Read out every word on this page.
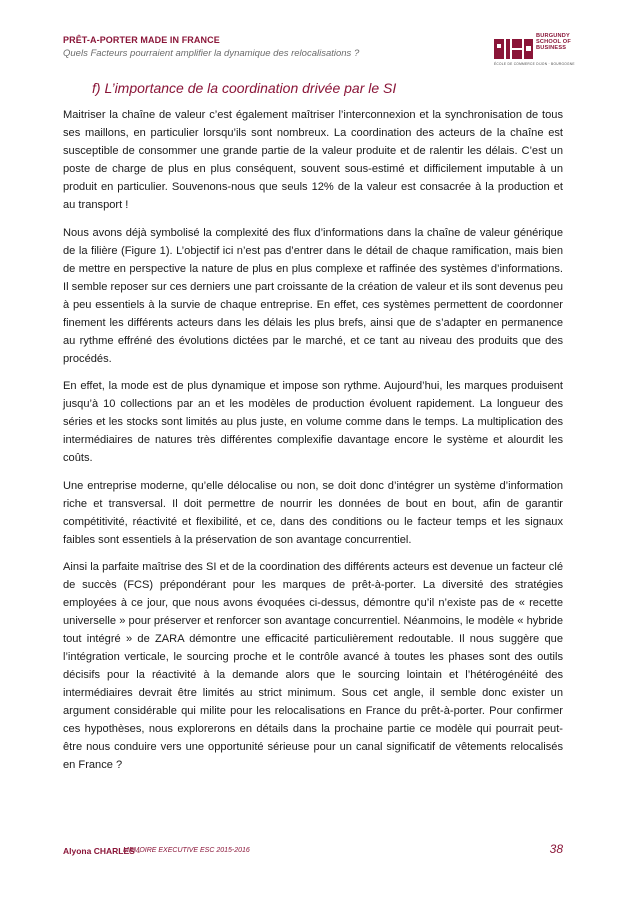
PRÊT-A-PORTER MADE IN FRANCE
Quels Facteurs pourraient amplifier la dynamique des relocalisations ?
BURGUNDY
SCHOOL OF
BUSINESS
ÉCOLE DE COMMERCE DIJON · BOURGOGNE
f) L’importance de la coordination drivée par le SI

Maitriser la chaîne de valeur c’est également maîtriser l’interconnexion et la synchronisation de tous ses maillons, en particulier lorsqu’ils sont nombreux. La coordination des acteurs de la chaîne est susceptible de consommer une grande partie de la valeur produite et de ralentir les délais. C’est un poste de charge de plus en plus conséquent, souvent sous-estimé et difficilement imputable à un produit en particulier. Souvenons-nous que seuls 12% de la valeur est consacrée à la production et au transport !

Nous avons déjà symbolisé la complexité des flux d’informations dans la chaîne de valeur générique de la filière (Figure 1). L’objectif ici n’est pas d’entrer dans le détail de chaque ramification, mais bien de mettre en perspective la nature de plus en plus complexe et raffinée des systèmes d’informations. Il semble reposer sur ces derniers une part croissante de la création de valeur et ils sont devenus peu à peu essentiels à la survie de chaque entreprise. En effet, ces systèmes permettent de coordonner finement les différents acteurs dans les délais les plus brefs, ainsi que de s’adapter en permanence au rythme effréné des évolutions dictées par le marché, et ce tant au niveau des produits que des procédés.

En effet, la mode est de plus dynamique et impose son rythme. Aujourd’hui, les marques produisent jusqu’à 10 collections par an et les modèles de production évoluent rapidement. La longueur des séries et les stocks sont limités au plus juste, en volume comme dans le temps. La multiplication des intermédiaires de natures très différentes complexifie davantage encore le système et alourdit les coûts.

Une entreprise moderne, qu’elle délocalise ou non, se doit donc d’intégrer un système d’information riche et transversal. Il doit permettre de nourrir les données de bout en bout, afin de garantir compétitivité, réactivité et flexibilité, et ce, dans des conditions ou le facteur temps et les signaux faibles sont essentiels à la préservation de son avantage concurrentiel.

Ainsi la parfaite maîtrise des SI et de la coordination des différents acteurs est devenue un facteur clé de succès (FCS) prépondérant pour les marques de prêt-à-porter. La diversité des stratégies employées à ce jour, que nous avons évoquées ci-dessus, démontre qu’il n’existe pas de « recette universelle » pour préserver et renforcer son avantage concurrentiel. Néanmoins, le modèle « hybride tout intégré » de ZARA démontre une efficacité particulièrement redoutable. Il nous suggère que l’intégration verticale, le sourcing proche et le contrôle avancé à toutes les phases sont des outils décisifs pour la réactivité à la demande alors que le sourcing lointain et l’hétérogénéité des intermédiaires devrait être limités au strict minimum. Sous cet angle, il semble donc exister un argument considérable qui milite pour les relocalisations en France du prêt-à-porter. Pour confirmer ces hypothèses, nous explorerons en détails dans la prochaine partie ce modèle qui pourrait peut-être nous conduire vers une opportunité sérieuse pour un canal significatif de vêtements relocalisés en France ?

Alyona CHARLES -
MEMOIRE EXECUTIVE ESC 2015-2016	38
